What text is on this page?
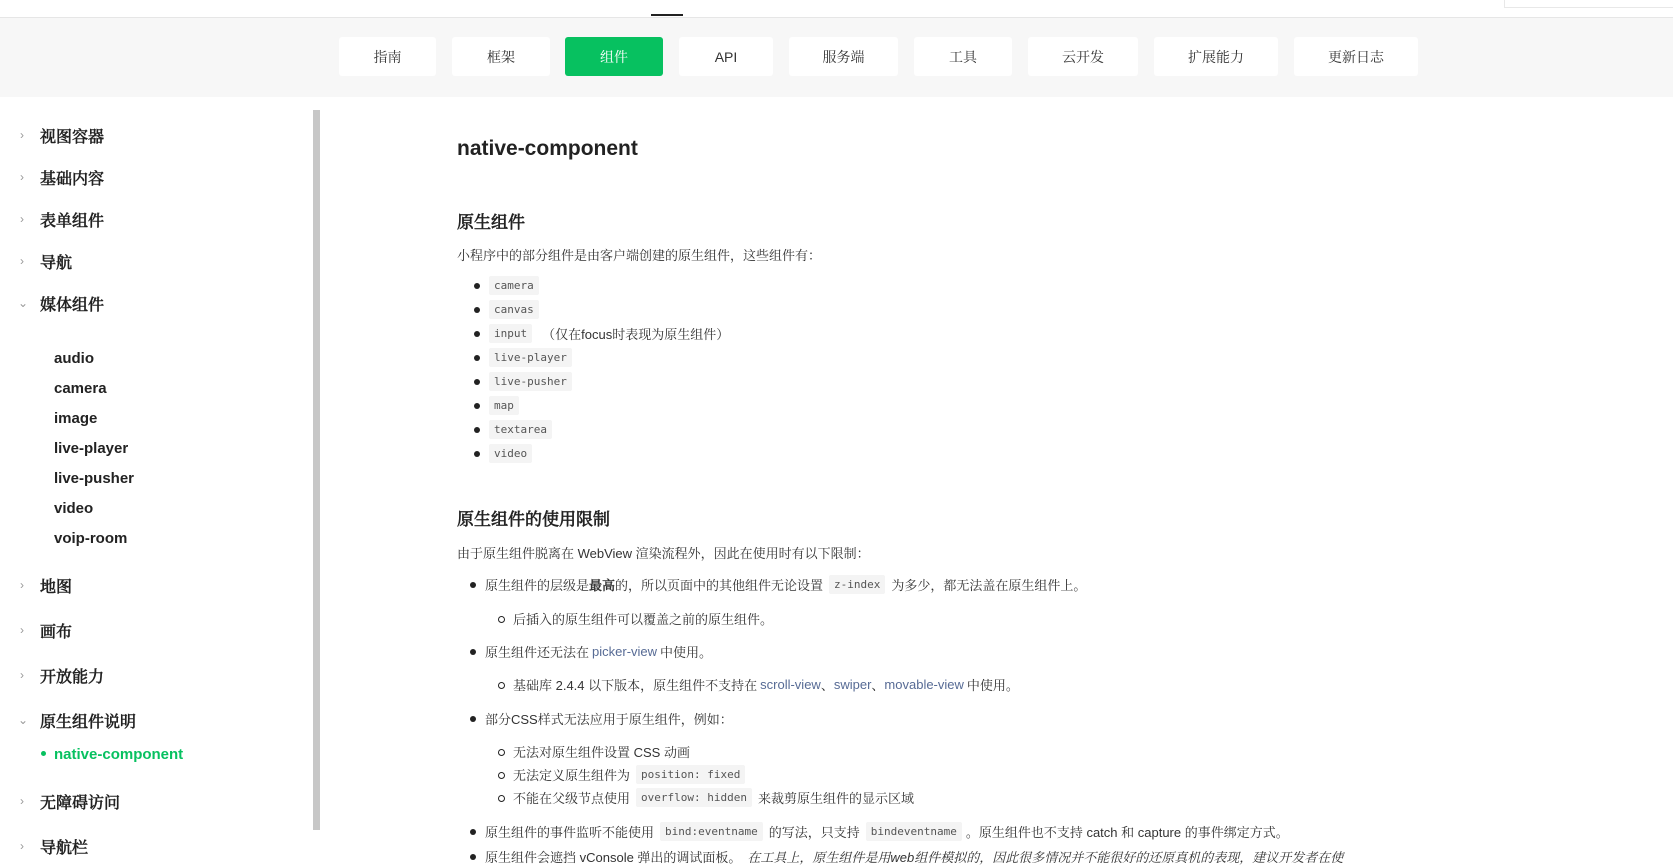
指南	框架	组件	API	服务端	工具	云开发	扩展能力	更新日志
› 视图容器
› 基础内容
› 表单组件
› 导航
⌄ 媒体组件
audio
camera
image
live-player
live-pusher
video
voip-room
› 地图
› 画布
› 开放能力
⌄ 原生组件说明
native-component
› 无障碍访问
› 导航栏
native-component
原生组件
小程序中的部分组件是由客户端创建的原生组件，这些组件有：
camera
canvas
input	（仅在focus时表现为原生组件）
live-player
live-pusher
map
textarea
video
原生组件的使用限制
由于原生组件脱离在 WebView 渲染流程外，因此在使用时有以下限制：
原生组件的层级是 最高 的，所以页面中的其他组件无论设置	z-index 为多少，都无法盖在原生组件上。
后插入的原生组件可以覆盖之前的原生组件。
原生组件还无法在 picker-view 中使用。
基础库 2.4.4 以下版本，原生组件不支持在 scroll-view 、 swiper 、 movable-view 中使用。
部分CSS样式无法应用于原生组件，例如：
无法对原生组件设置 CSS 动画
无法定义原生组件为	position: fixed
不能在父级节点使用	overflow: hidden 来裁剪原生组件的显示区域
原生组件的事件监听不能使用	bind:eventname 的写法，只支持	bindeventname 。原生组件也不支持 catch 和 capture 的事件绑定方式。
原生组件会遮挡 vConsole 弹出的调试面板。 在工具上，原生组件是用web组件模拟的，因此很多情况并不能很好的还原真机的表现，建议开发者在使
